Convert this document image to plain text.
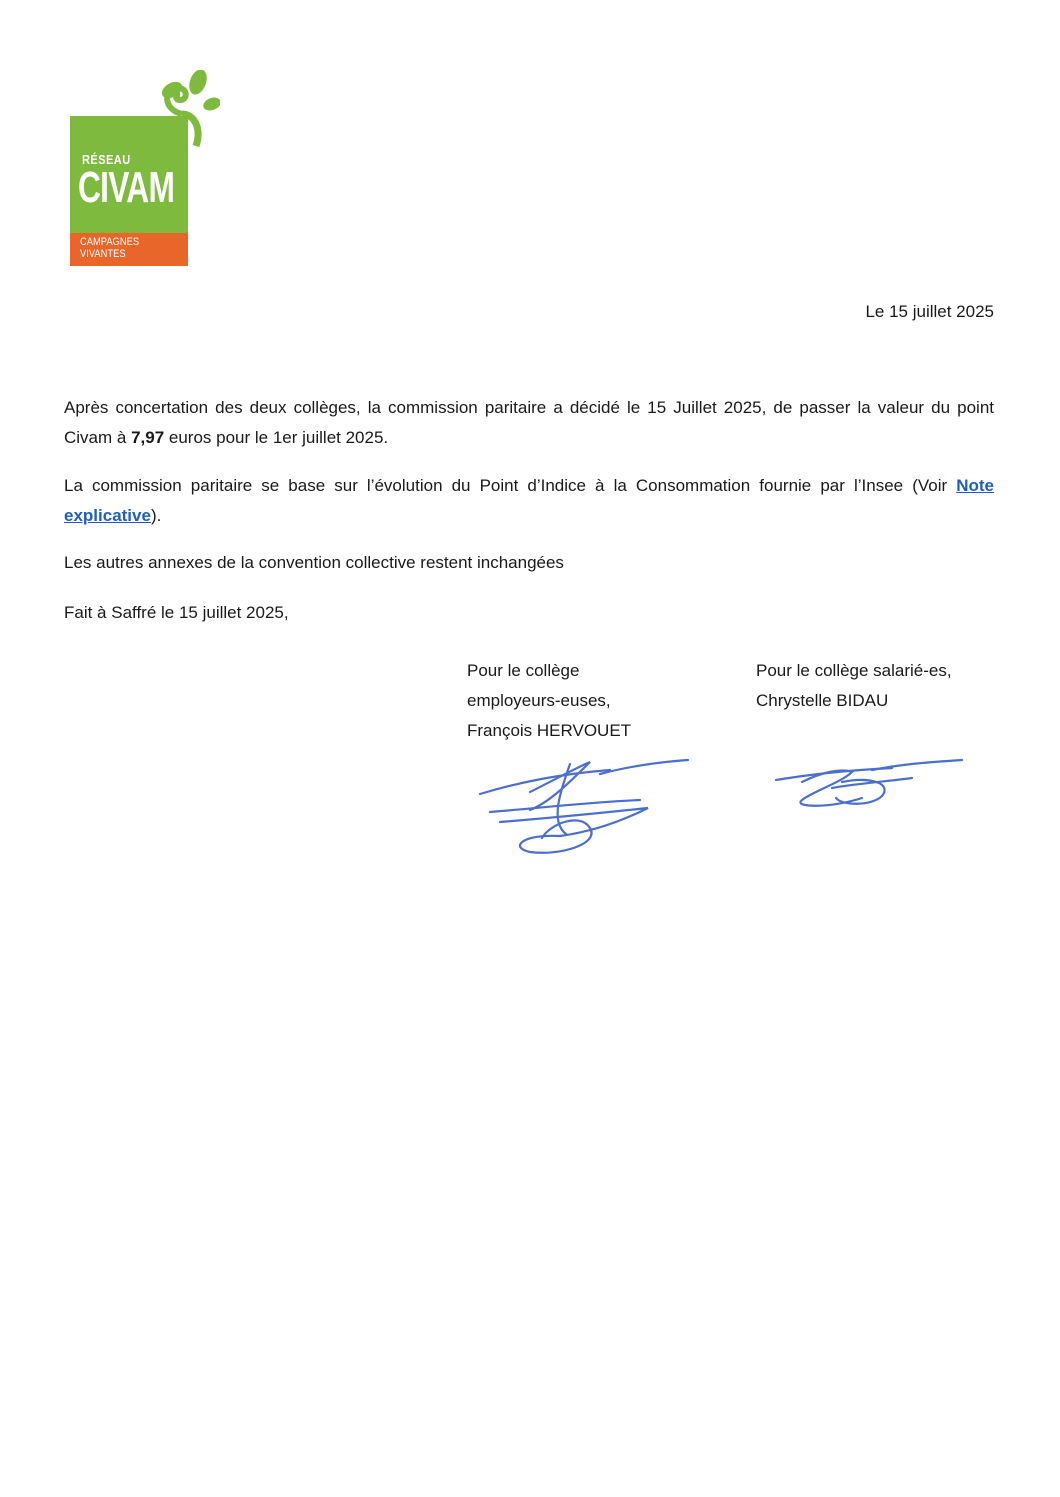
RÉSEAU
CIVAM
CAMPAGNES
VIVANTES
Le 15 juillet 2025
Après concertation des deux collèges, la commission paritaire a décidé le 15 Juillet 2025, de passer la valeur du point Civam à 7,97 euros pour le 1er juillet 2025.
La commission paritaire se base sur l’évolution du Point d’Indice à la Consommation fournie par l’Insee (Voir Note explicative).
Les autres annexes de la convention collective restent inchangées
Fait à Saffré le 15 juillet 2025,
Pour le collège
employeurs-euses,
François HERVOUET
Pour le collège salarié-es,
Chrystelle BIDAU
